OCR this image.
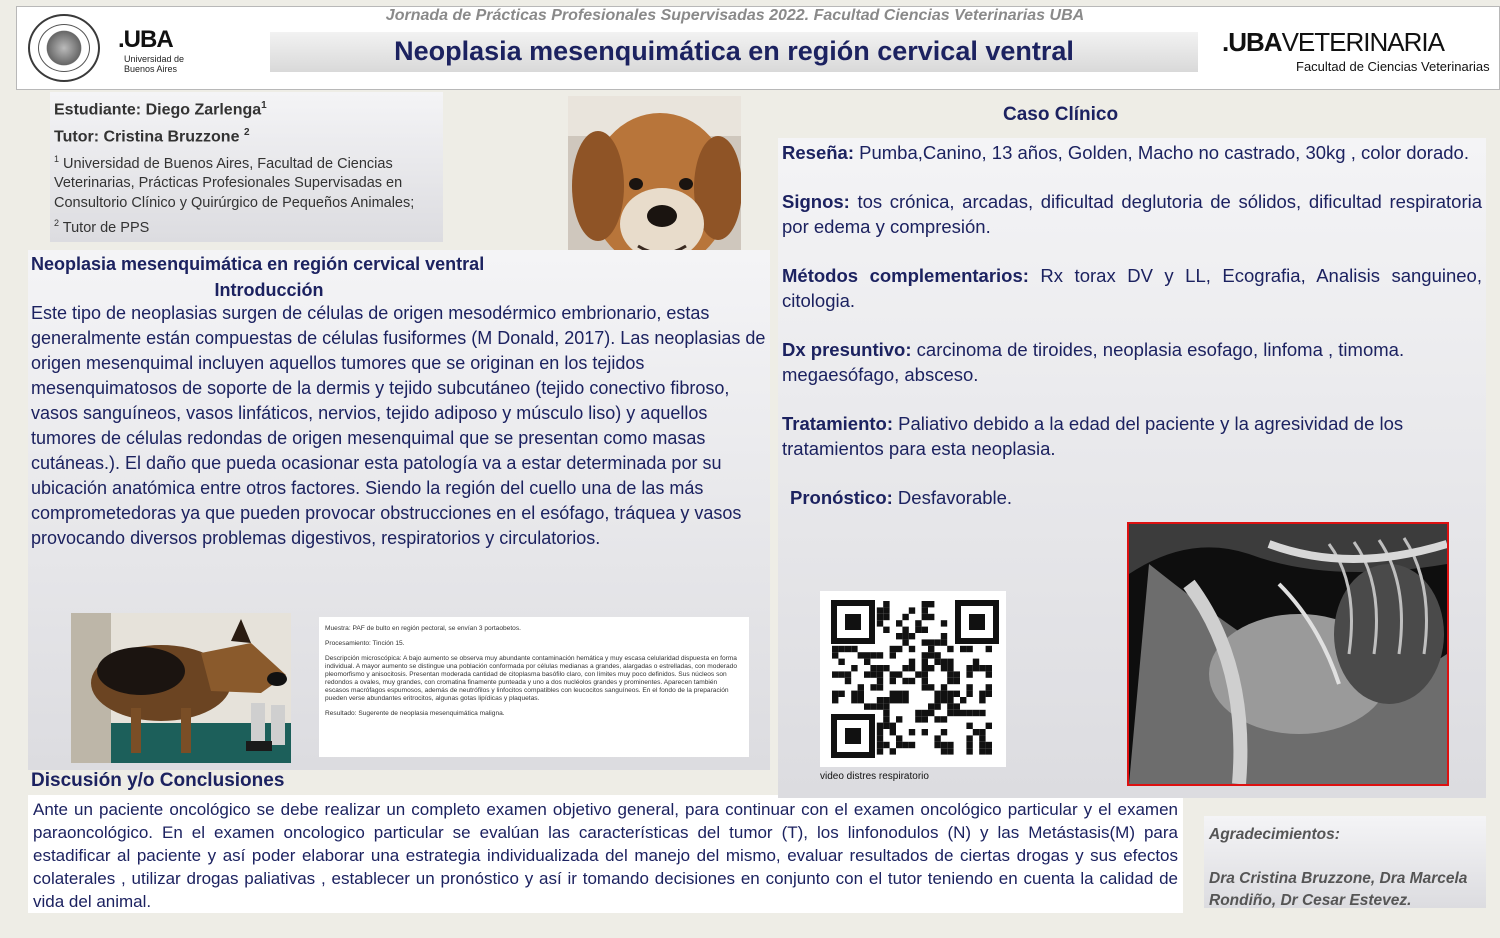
.UBA
Universidad de
Buenos Aires
Jornada de Prácticas Profesionales Supervisadas 2022. Facultad Ciencias Veterinarias UBA
Neoplasia mesenquimática en región cervical ventral	.UBAVETERINARIA
Facultad de Ciencias Veterinarias
Estudiante: Diego Zarlenga$^1$
Tutor: Cristina Bruzzone $^2$
$^1$ Universidad de Buenos Aires, Facultad de Ciencias Veterinarias, Prácticas Profesionales Supervisadas en Consultorio Clínico y Quirúrgico de Pequeños Animales;
$^2$ Tutor de PPS
Neoplasia mesenquimática en región cervical ventral
Introducción
Este tipo de neoplasias surgen de células de origen mesodérmico embrionario, estas generalmente están compuestas de células fusiformes (M Donald, 2017). Las neoplasias de origen mesenquimal incluyen aquellos tumores que se originan en los tejidos mesenquimatosos de soporte de la dermis y tejido subcutáneo (tejido conectivo fibroso, vasos sanguíneos, vasos linfáticos, nervios, tejido adiposo y músculo liso) y aquellos tumores de células redondas de origen mesenquimal que se presentan como masas cutáneas.). El daño que pueda ocasionar esta patología va a estar determinada por su ubicación anatómica entre otros factores. Siendo la región del cuello una de las más comprometedoras ya que pueden provocar obstrucciones en el esófago, tráquea y vasos provocando diversos problemas digestivos, respiratorios y circulatorios.

Muestra: PAF de bulto en región pectoral, se envían 3 portaobetos.

Procesamiento: Tinción 15.

Descripción microscópica: A bajo aumento se observa muy abundante contaminación hemática y muy escasa celularidad dispuesta en forma individual. A mayor aumento se distingue una población conformada por células medianas a grandes, alargadas o estrelladas, con moderado pleomorfismo y anisocitosis. Presentan moderada cantidad de citoplasma basófilo claro, con límites muy poco definidos. Sus núcleos son redondos a ovales, muy grandes, con cromatina finamente punteada y uno a dos nucléolos grandes y prominentes. Aparecen también escasos macrófagos espumosos, además de neutrófilos y linfocitos compatibles con leucocitos sanguíneos. En el fondo de la preparación pueden verse abundantes eritrocitos, algunas gotas lipídicas y plaquetas.

Resultado: Sugerente de neoplasia mesenquimática maligna.

Discusión y/o Conclusiones
Ante un paciente oncológico se debe realizar un completo examen objetivo general, para continuar con el examen oncológico particular y el examen paraoncológico. En el examen oncologico particular se evalúan las características del tumor (T), los linfonodulos (N) y las Metástasis(M) para estadificar al paciente y así poder elaborar una estrategia individualizada del manejo del mismo, evaluar resultados de ciertas drogas y sus efectos colaterales , utilizar drogas paliativas , establecer un pronóstico y así ir tomando decisiones en conjunto con el tutor teniendo en cuenta la calidad de vida del animal.
Caso Clínico

Reseña: Pumba,Canino, 13 años, Golden, Macho no castrado, 30kg , color dorado.

Signos: tos crónica, arcadas, dificultad deglutoria de sólidos, dificultad respiratoria por edema y compresión.

Métodos complementarios: Rx torax DV y LL, Ecografia, Analisis sanguineo, citologia.

Dx presuntivo: carcinoma de tiroides, neoplasia esofago, linfoma , timoma. megaesófago, absceso.

Tratamiento: Paliativo debido a la edad del paciente y la agresividad de los tratamientos para esta neoplasia.

Pronóstico: Desfavorable.

video distres respiratorio
Agradecimientos:
Dra Cristina Bruzzone, Dra Marcela Rondiño, Dr Cesar Estevez.
